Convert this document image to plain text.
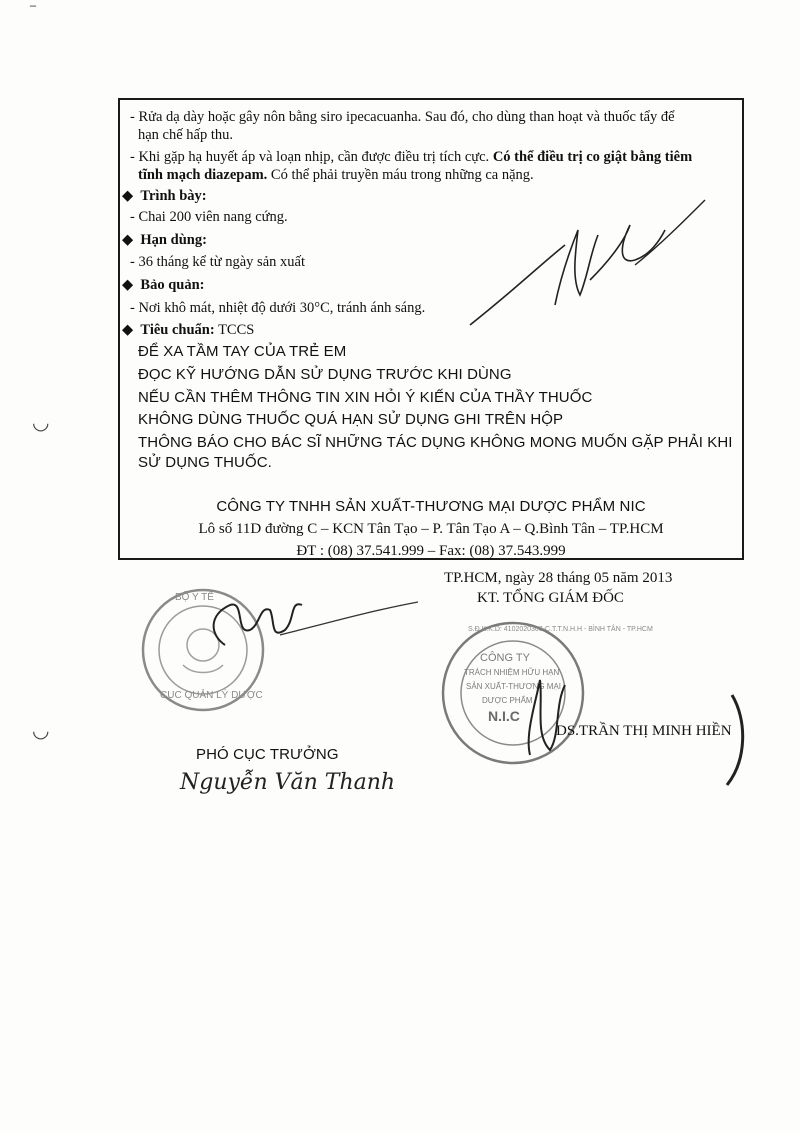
‾
◡
◡
- Rửa dạ dày hoặc gây nôn bằng siro ipecacuanha. Sau đó, cho dùng than hoạt và thuốc tẩy để
hạn chế hấp thu.
- Khi gặp hạ huyết áp và loạn nhịp, cần được điều trị tích cực. Có thể điều trị co giật bằng tiêm
tĩnh mạch diazepam. Có thể phải truyền máu trong những ca nặng.
◆ Trình bày:
- Chai 200 viên nang cứng.
◆ Hạn dùng:
- 36 tháng kể từ ngày sản xuất
◆ Bảo quản:
- Nơi khô mát, nhiệt độ dưới 30°C, tránh ánh sáng.
◆ Tiêu chuẩn: TCCS
ĐỂ XA TẦM TAY CỦA TRẺ EM
ĐỌC KỸ HƯỚNG DẪN SỬ DỤNG TRƯỚC KHI DÙNG
NẾU CẦN THÊM THÔNG TIN XIN HỎI Ý KIẾN CỦA THẦY THUỐC
KHÔNG DÙNG THUỐC QUÁ HẠN SỬ DỤNG GHI TRÊN HỘP
THÔNG BÁO CHO BÁC SĨ NHỮNG TÁC DỤNG KHÔNG MONG MUỐN GẶP PHẢI KHI
SỬ DỤNG THUỐC.
CÔNG TY TNHH SẢN XUẤT-THƯƠNG MẠI DƯỢC PHẨM NIC
Lô số 11D đường C – KCN Tân Tạo – P. Tân Tạo A – Q.Bình Tân – TP.HCM
ĐT : (08) 37.541.999 – Fax: (08) 37.543.999
TP.HCM, ngày 28 tháng 05 năm 2013
KT. TỔNG GIÁM ĐỐC
BỘ Y TẾ
CỤC QUẢN LÝ DƯỢC
CÔNG TY
TRÁCH NHIỆM HỮU HẠN
SẢN XUẤT-THƯƠNG MẠI
DƯỢC PHẨM
N.I.C
S.Đ.K.K.D: 4102020303-C.T.T.N.H.H - BÌNH TÂN - TP.HCM
DS.TRẦN THỊ MINH HIỀN
PHÓ CỤC TRƯỞNG
Nguyễn Văn Thanh
